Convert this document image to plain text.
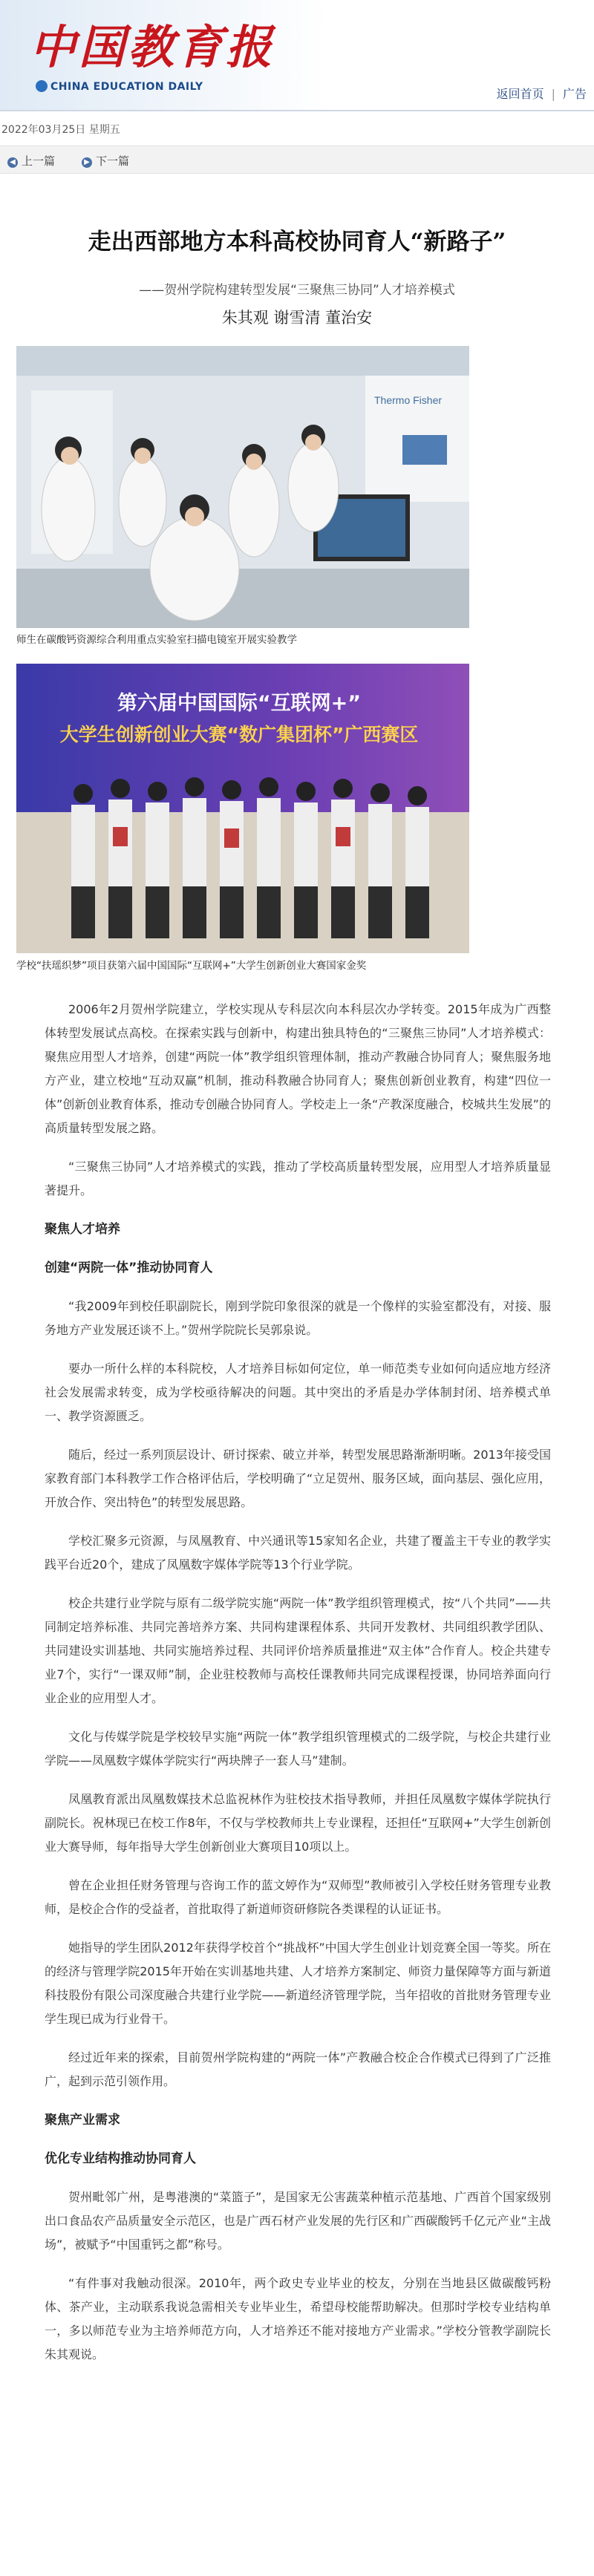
中国教育报
CHINA EDUCATION DAILY	返回首页 | 广告
2022年03月25日 星期五
◀ 上一篇	▶ 下一篇
走出西部地方本科高校协同育人“新路子”
——贺州学院构建转型发展“三聚焦三协同”人才培养模式
朱其观 谢雪清 董治安
Thermo Fisher
师生在碳酸钙资源综合利用重点实验室扫描电镜室开展实验教学
第六届中国国际“互联网+”
大学生创新创业大赛“数广集团杯”广西赛区
学校“扶瑶织梦”项目获第六届中国国际“互联网+”大学生创新创业大赛国家金奖

2006年2月贺州学院建立，学校实现从专科层次向本科层次办学转变。2015年成为广西整体转型发展试点高校。在探索实践与创新中，构建出独具特色的“三聚焦三协同”人才培养模式：聚焦应用型人才培养，创建“两院一体”教学组织管理体制，推动产教融合协同育人；聚焦服务地方产业，建立校地“互动双赢”机制，推动科教融合协同育人；聚焦创新创业教育，构建“四位一体”创新创业教育体系，推动专创融合协同育人。学校走上一条“产教深度融合，校城共生发展”的高质量转型发展之路。

“三聚焦三协同”人才培养模式的实践，推动了学校高质量转型发展，应用型人才培养质量显著提升。

聚焦人才培养
创建“两院一体”推动协同育人

“我2009年到校任职副院长，刚到学院印象很深的就是一个像样的实验室都没有，对接、服务地方产业发展还谈不上。”贺州学院院长吴郭泉说。

要办一所什么样的本科院校，人才培养目标如何定位，单一师范类专业如何向适应地方经济社会发展需求转变，成为学校亟待解决的问题。其中突出的矛盾是办学体制封闭、培养模式单一、教学资源匮乏。

随后，经过一系列顶层设计、研讨探索、破立并举，转型发展思路渐渐明晰。2013年接受国家教育部门本科教学工作合格评估后，学校明确了“立足贺州、服务区域，面向基层、强化应用，开放合作、突出特色”的转型发展思路。

学校汇聚多元资源，与凤凰教育、中兴通讯等15家知名企业，共建了覆盖主干专业的教学实践平台近20个，建成了凤凰数字媒体学院等13个行业学院。

校企共建行业学院与原有二级学院实施“两院一体”教学组织管理模式，按“八个共同”——共同制定培养标准、共同完善培养方案、共同构建课程体系、共同开发教材、共同组织教学团队、共同建设实训基地、共同实施培养过程、共同评价培养质量推进“双主体”合作育人。校企共建专业7个，实行“一课双师”制，企业驻校教师与高校任课教师共同完成课程授课，协同培养面向行业企业的应用型人才。

文化与传媒学院是学校较早实施“两院一体”教学组织管理模式的二级学院，与校企共建行业学院——凤凰数字媒体学院实行“两块牌子一套人马”建制。

凤凰教育派出凤凰数媒技术总监祝林作为驻校技术指导教师，并担任凤凰数字媒体学院执行副院长。祝林现已在校工作8年，不仅与学校教师共上专业课程，还担任“互联网+”大学生创新创业大赛导师，每年指导大学生创新创业大赛项目10项以上。

曾在企业担任财务管理与咨询工作的蓝文婷作为“双师型”教师被引入学校任财务管理专业教师，是校企合作的受益者，首批取得了新道师资研修院各类课程的认证证书。

她指导的学生团队2012年获得学校首个“挑战杯”中国大学生创业计划竞赛全国一等奖。所在的经济与管理学院2015年开始在实训基地共建、人才培养方案制定、师资力量保障等方面与新道科技股份有限公司深度融合共建行业学院——新道经济管理学院，当年招收的首批财务管理专业学生现已成为行业骨干。

经过近年来的探索，目前贺州学院构建的“两院一体”产教融合校企合作模式已得到了广泛推广，起到示范引领作用。

聚焦产业需求
优化专业结构推动协同育人

贺州毗邻广州，是粤港澳的“菜篮子”，是国家无公害蔬菜种植示范基地、广西首个国家级别出口食品农产品质量安全示范区，也是广西石材产业发展的先行区和广西碳酸钙千亿元产业“主战场”，被赋予“中国重钙之都”称号。

“有件事对我触动很深。2010年，两个政史专业毕业的校友，分别在当地县区做碳酸钙粉体、茶产业，主动联系我说急需相关专业毕业生，希望母校能帮助解决。但那时学校专业结构单一，多以师范专业为主培养师范方向，人才培养还不能对接地方产业需求。”学校分管教学副院长朱其观说。
